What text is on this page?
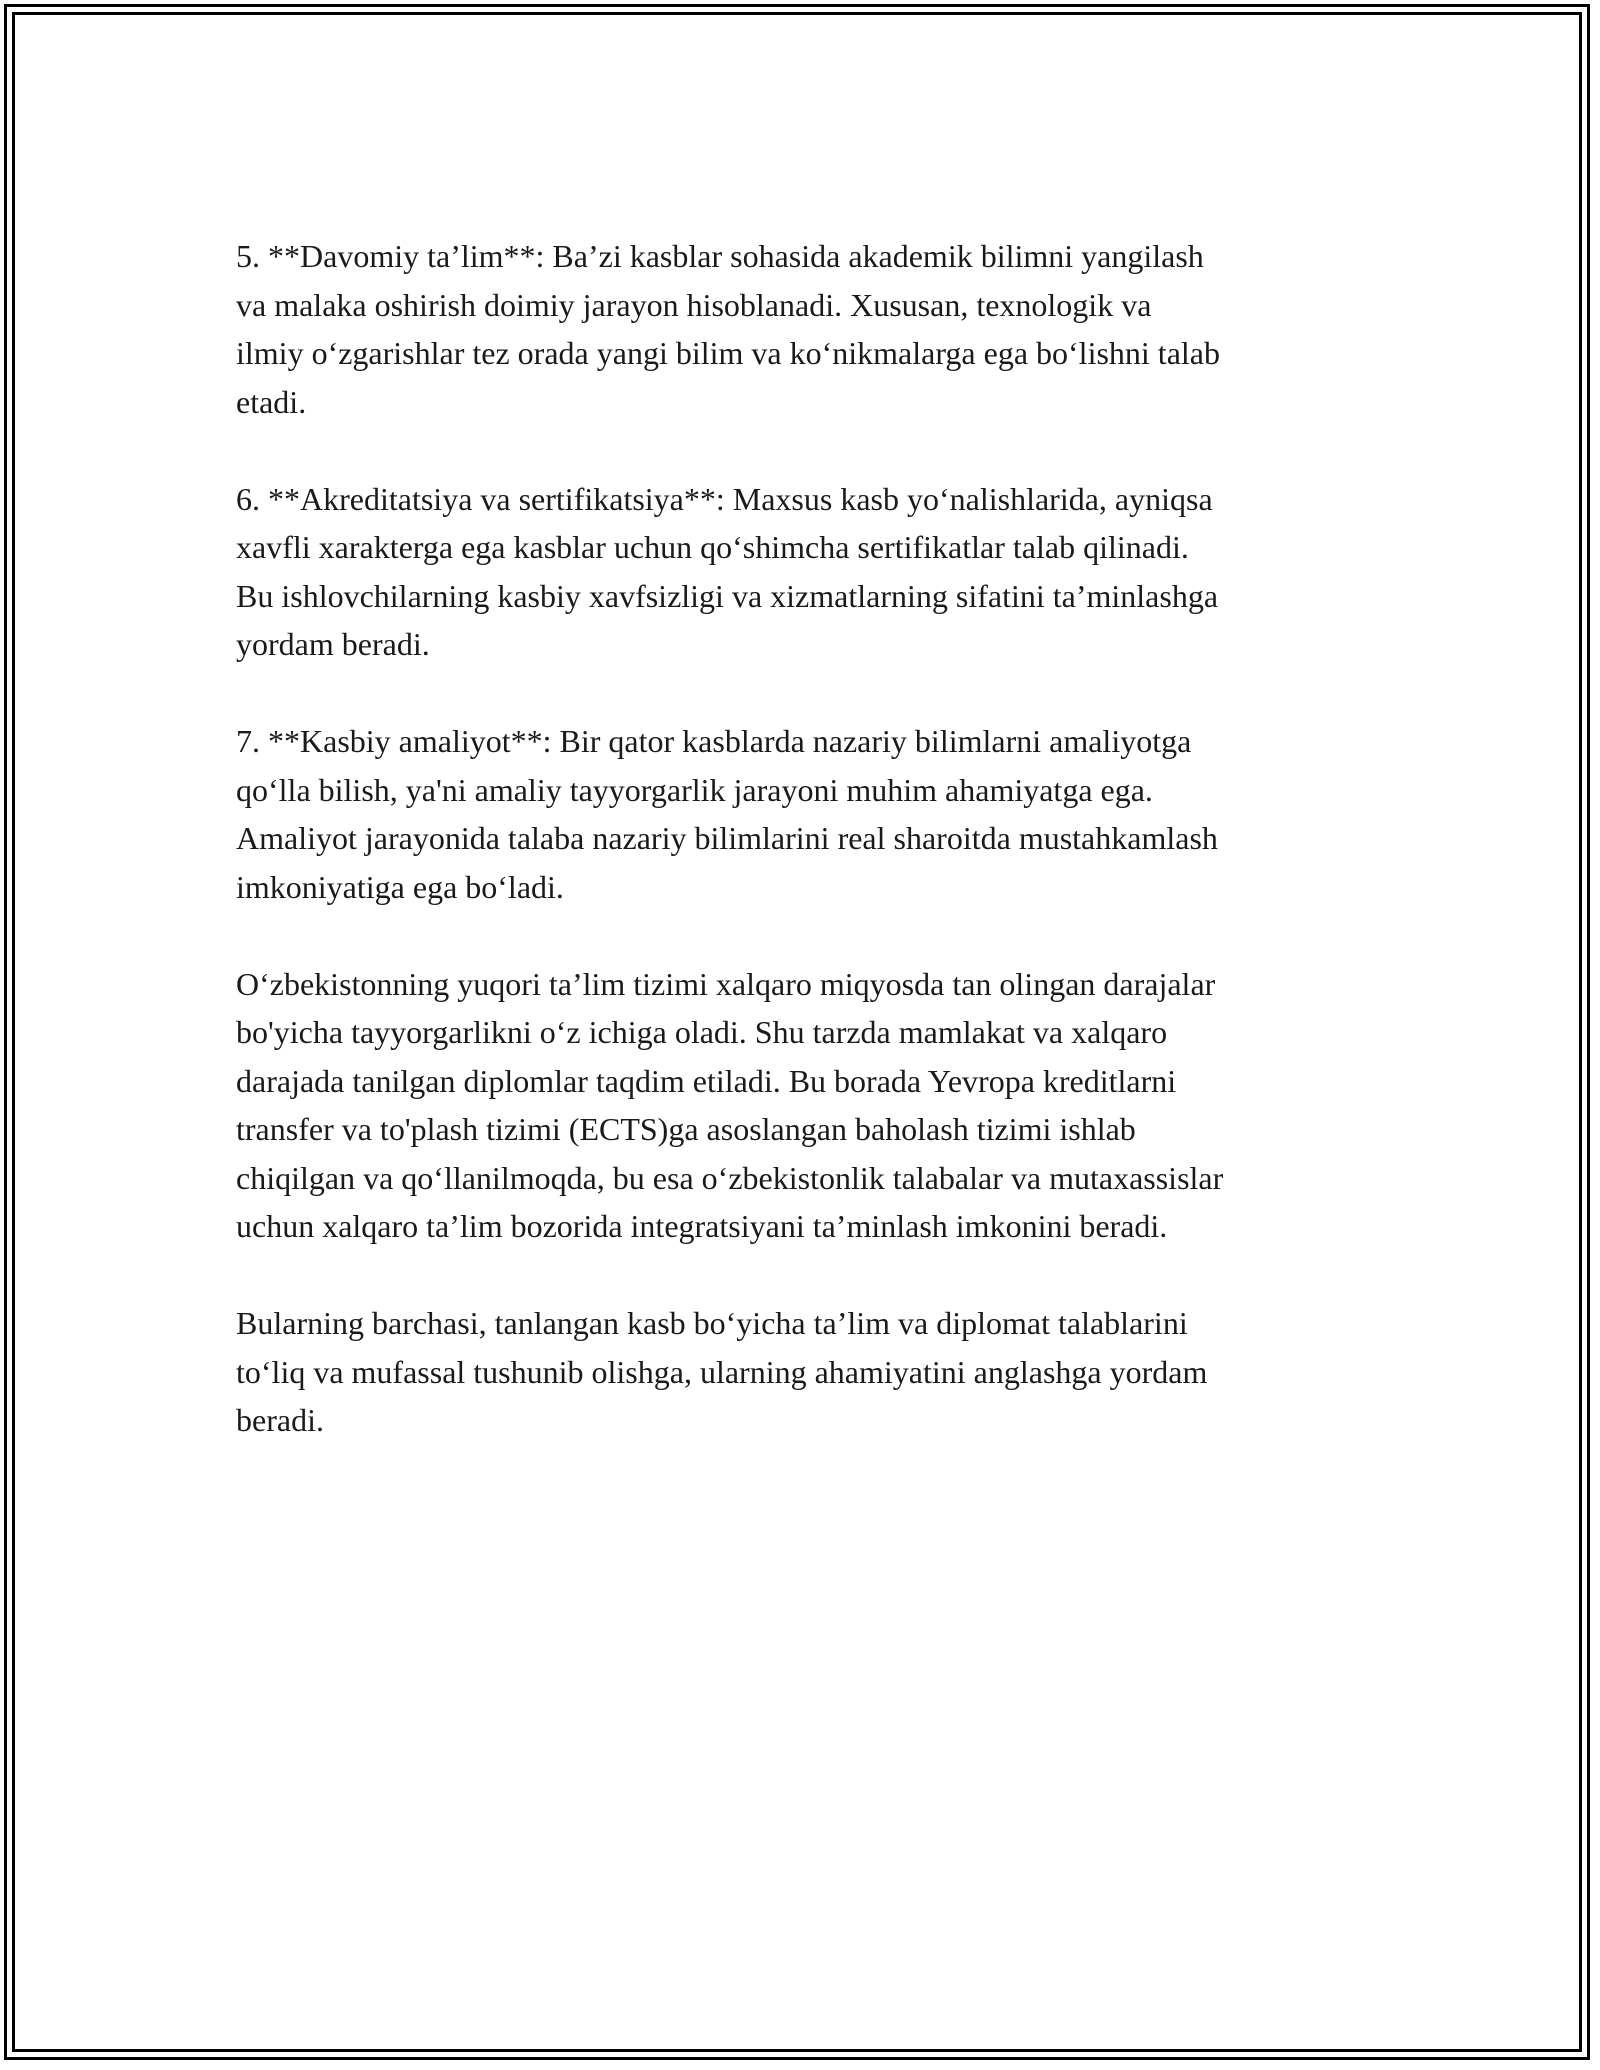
5. **Davomiy ta’lim**: Ba’zi kasblar sohasida akademik bilimni yangilash
va malaka oshirish doimiy jarayon hisoblanadi. Xususan, texnologik va
ilmiy o‘zgarishlar tez orada yangi bilim va ko‘nikmalarga ega bo‘lishni talab
etadi.

6. **Akreditatsiya va sertifikatsiya**: Maxsus kasb yo‘nalishlarida, ayniqsa
xavfli xarakterga ega kasblar uchun qo‘shimcha sertifikatlar talab qilinadi.
Bu ishlovchilarning kasbiy xavfsizligi va xizmatlarning sifatini ta’minlashga
yordam beradi.

7. **Kasbiy amaliyot**: Bir qator kasblarda nazariy bilimlarni amaliyotga
qo‘lla bilish, ya'ni amaliy tayyorgarlik jarayoni muhim ahamiyatga ega.
Amaliyot jarayonida talaba nazariy bilimlarini real sharoitda mustahkamlash
imkoniyatiga ega bo‘ladi.

O‘zbekistonning yuqori ta’lim tizimi xalqaro miqyosda tan olingan darajalar
bo'yicha tayyorgarlikni o‘z ichiga oladi. Shu tarzda mamlakat va xalqaro
darajada tanilgan diplomlar taqdim etiladi. Bu borada Yevropa kreditlarni
transfer va to'plash tizimi (ECTS)ga asoslangan baholash tizimi ishlab
chiqilgan va qo‘llanilmoqda, bu esa o‘zbekistonlik talabalar va mutaxassislar
uchun xalqaro ta’lim bozorida integratsiyani ta’minlash imkonini beradi.

Bularning barchasi, tanlangan kasb bo‘yicha ta’lim va diplomat talablarini
to‘liq va mufassal tushunib olishga, ularning ahamiyatini anglashga yordam
beradi.
